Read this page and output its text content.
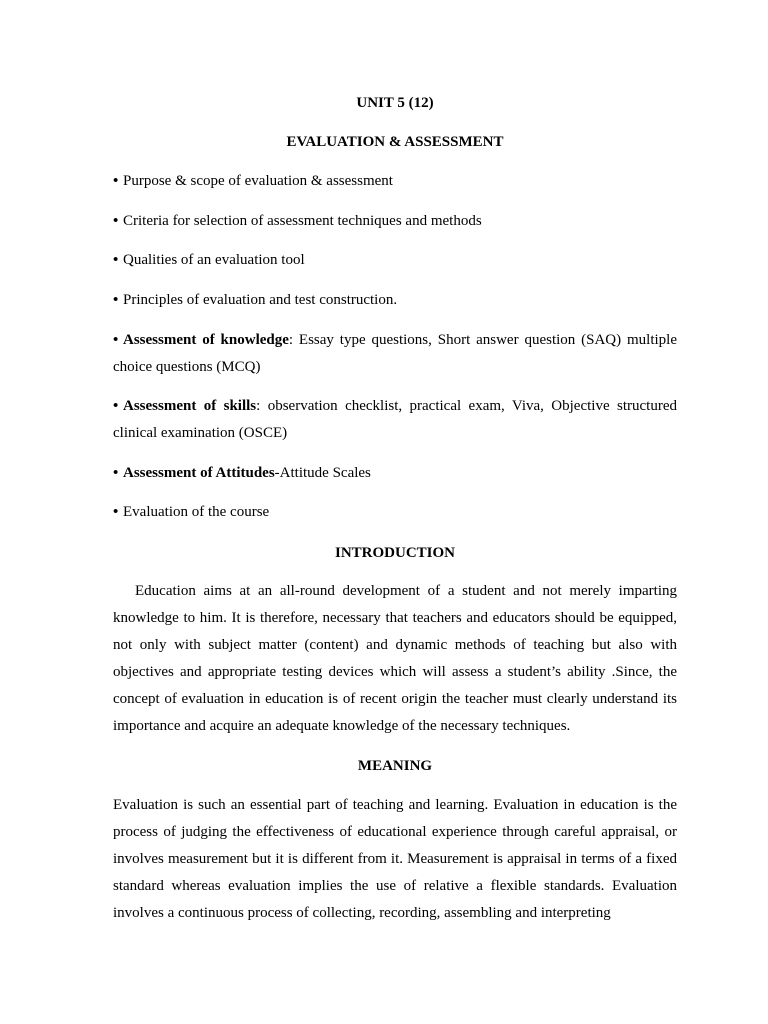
UNIT 5 (12)
EVALUATION & ASSESSMENT
• Purpose & scope of evaluation & assessment
• Criteria for selection of assessment techniques and methods
• Qualities of an evaluation tool
• Principles of evaluation and test construction.
• Assessment of knowledge: Essay type questions, Short answer question (SAQ) multiple choice questions (MCQ)
• Assessment of skills: observation checklist, practical exam, Viva, Objective structured clinical examination (OSCE)
• Assessment of Attitudes-Attitude Scales
• Evaluation of the course
INTRODUCTION
Education aims at an all-round development of a student and not merely imparting knowledge to him. It is therefore, necessary that teachers and educators should be equipped, not only with subject matter (content) and dynamic methods of teaching but also with objectives and appropriate testing devices which will assess a student’s ability .Since, the concept of evaluation in education is of recent origin the teacher must clearly understand its importance and acquire an adequate knowledge of the necessary techniques.
MEANING
Evaluation is such an essential part of teaching and learning. Evaluation in education is the process of judging the effectiveness of educational experience through careful appraisal, or involves measurement but it is different from it. Measurement is appraisal in terms of a fixed standard whereas evaluation implies the use of relative a flexible standards. Evaluation involves a continuous process of collecting, recording, assembling and interpreting
